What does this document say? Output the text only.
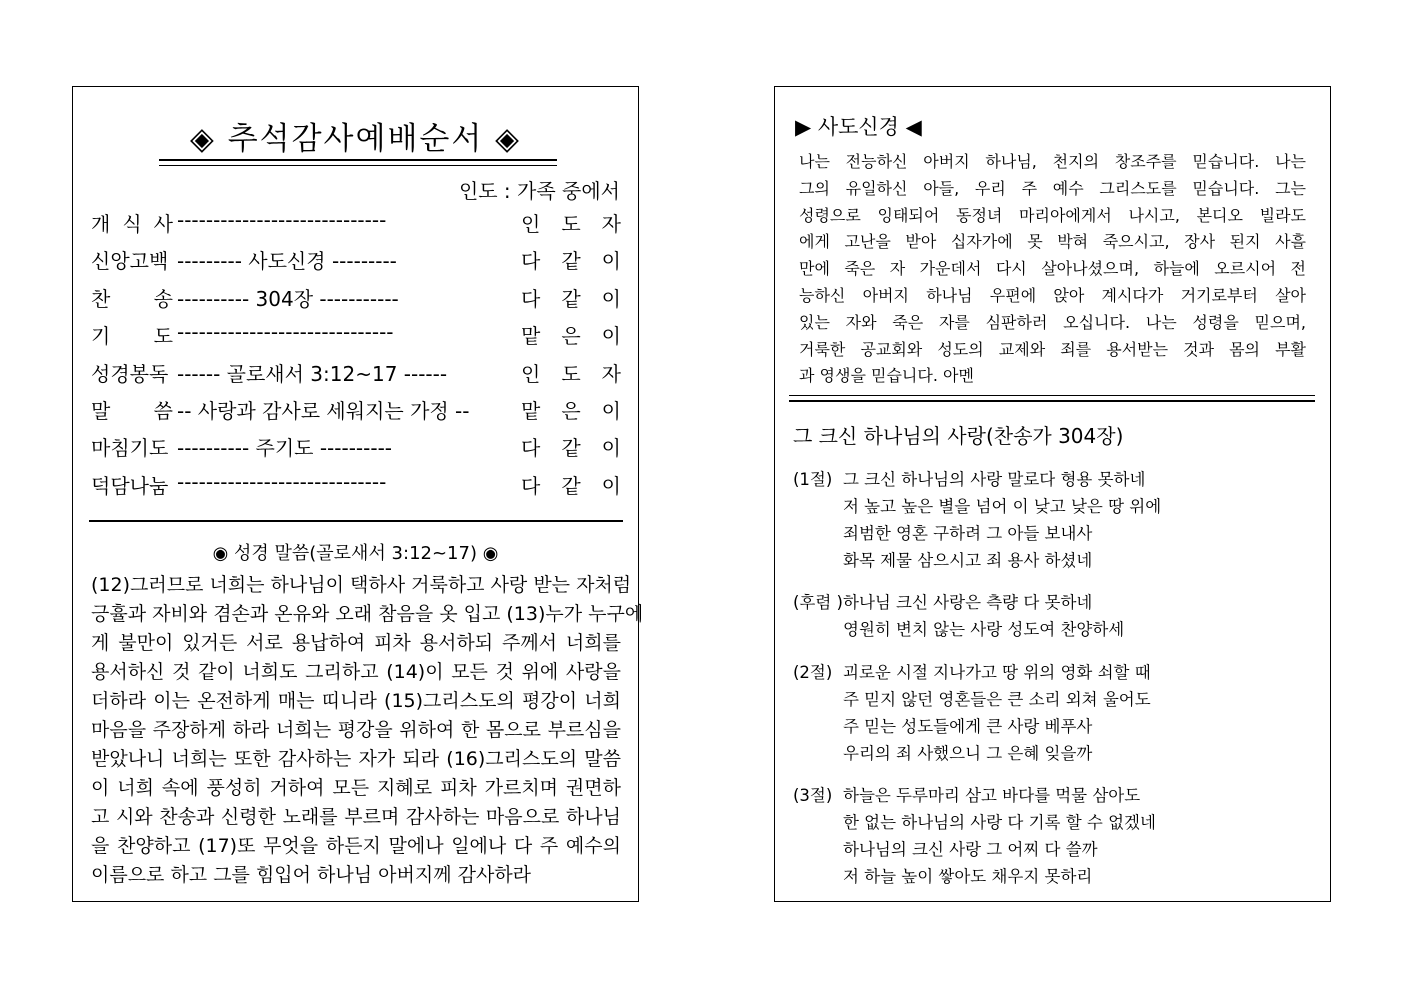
◈ 추석감사예배순서 ◈
인도 : 가족 중에서
개 식 사 -----------------------------	인 도 자
신앙고백 --------- 사도신경 ---------	다 같 이
찬 송 ---------- 304장 -----------	다 같 이
기 도 ------------------------------	맡 은 이
성경봉독 ------ 골로새서 3:12~17 ------	인 도 자
말 씀 -- 사랑과 감사로 세워지는 가정 --	맡 은 이
마침기도 ---------- 주기도 ----------	다 같 이
덕담나눔 -----------------------------	다 같 이
◉ 성경 말씀(골로새서 3:12~17) ◉
(12)그러므로 너희는 하나님이 택하사 거룩하고 사랑 받는 자처럼
긍휼과 자비와 겸손과 온유와 오래 참음을 옷 입고 (13)누가 누구에
게 불만이 있거든 서로 용납하여 피차 용서하되 주께서 너희를
용서하신 것 같이 너희도 그리하고 (14)이 모든 것 위에 사랑을
더하라 이는 온전하게 매는 띠니라 (15)그리스도의 평강이 너희
마음을 주장하게 하라 너희는 평강을 위하여 한 몸으로 부르심을
받았나니 너희는 또한 감사하는 자가 되라 (16)그리스도의 말씀
이 너희 속에 풍성히 거하여 모든 지혜로 피차 가르치며 권면하
고 시와 찬송과 신령한 노래를 부르며 감사하는 마음으로 하나님
을 찬양하고 (17)또 무엇을 하든지 말에나 일에나 다 주 예수의
이름으로 하고 그를 힘입어 하나님 아버지께 감사하라
▶ 사도신경 ◀
나는 전능하신 아버지 하나님, 천지의 창조주를 믿습니다. 나는
그의 유일하신 아들, 우리 주 예수 그리스도를 믿습니다. 그는
성령으로 잉태되어 동정녀 마리아에게서 나시고, 본디오 빌라도
에게 고난을 받아 십자가에 못 박혀 죽으시고, 장사 된지 사흘
만에 죽은 자 가운데서 다시 살아나셨으며, 하늘에 오르시어 전
능하신 아버지 하나님 우편에 앉아 계시다가 거기로부터 살아
있는 자와 죽은 자를 심판하러 오십니다. 나는 성령을 믿으며,
거룩한 공교회와 성도의 교제와 죄를 용서받는 것과 몸의 부활
과 영생을 믿습니다. 아멘
그 크신 하나님의 사랑(찬송가 304장)
(1절) 그 크신 하나님의 사랑 말로다 형용 못하네
저 높고 높은 별을 넘어 이 낮고 낮은 땅 위에
죄범한 영혼 구하려 그 아들 보내사
화목 제물 삼으시고 죄 용사 하셨네
(후렴 ) 하나님 크신 사랑은 측량 다 못하네
영원히 변치 않는 사랑 성도여 찬양하세
(2절) 괴로운 시절 지나가고 땅 위의 영화 쇠할 때
주 믿지 않던 영혼들은 큰 소리 외쳐 울어도
주 믿는 성도들에게 큰 사랑 베푸사
우리의 죄 사했으니 그 은혜 잊을까
(3절) 하늘은 두루마리 삼고 바다를 먹물 삼아도
한 없는 하나님의 사랑 다 기록 할 수 없겠네
하나님의 크신 사랑 그 어찌 다 쓸까
저 하늘 높이 쌓아도 채우지 못하리
